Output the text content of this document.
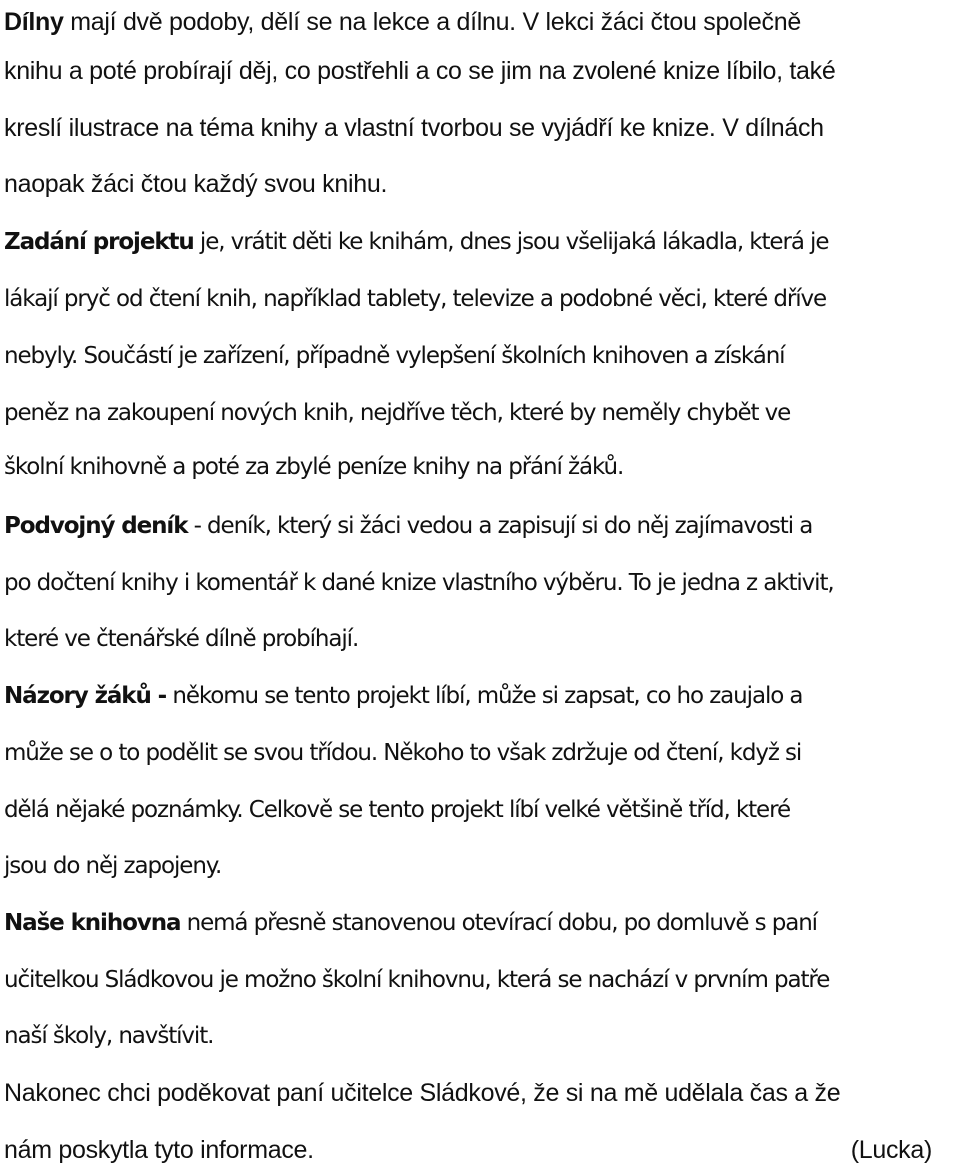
Dílny mají dvě podoby, dělí se na lekce a dílnu. V lekci žáci čtou společně
knihu a poté probírají děj, co postřehli a co se jim na zvolené knize líbilo, také
kreslí ilustrace na téma knihy a vlastní tvorbou se vyjádří ke knize. V dílnách
naopak žáci čtou každý svou knihu.
Zadání projektu je, vrátit děti ke knihám, dnes jsou všelijaká lákadla, která je
lákají pryč od čtení knih, například tablety, televize a podobné věci, které dříve
nebyly. Součástí je zařízení, případně vylepšení školních knihoven a získání
peněz na zakoupení nových knih, nejdříve těch, které by neměly chybět ve
školní knihovně a poté za zbylé peníze knihy na přání žáků.
Podvojný deník - deník, který si žáci vedou a zapisují si do něj zajímavosti a
po dočtení knihy i komentář k dané knize vlastního výběru. To je jedna z aktivit,
které ve čtenářské dílně probíhají.
Názory žáků - někomu se tento projekt líbí, může si zapsat, co ho zaujalo a
může se o to podělit se svou třídou. Někoho to však zdržuje od čtení, když si
dělá nějaké poznámky. Celkově se tento projekt líbí velké většině tříd, které
jsou do něj zapojeny.
Naše knihovna nemá přesně stanovenou otevírací dobu, po domluvě s paní
učitelkou Sládkovou je možno školní knihovnu, která se nachází v prvním patře
naší školy, navštívit.
Nakonec chci poděkovat paní učitelce Sládkové, že si na mě udělala čas a že
nám poskytla tyto informace.	(Lucka)
